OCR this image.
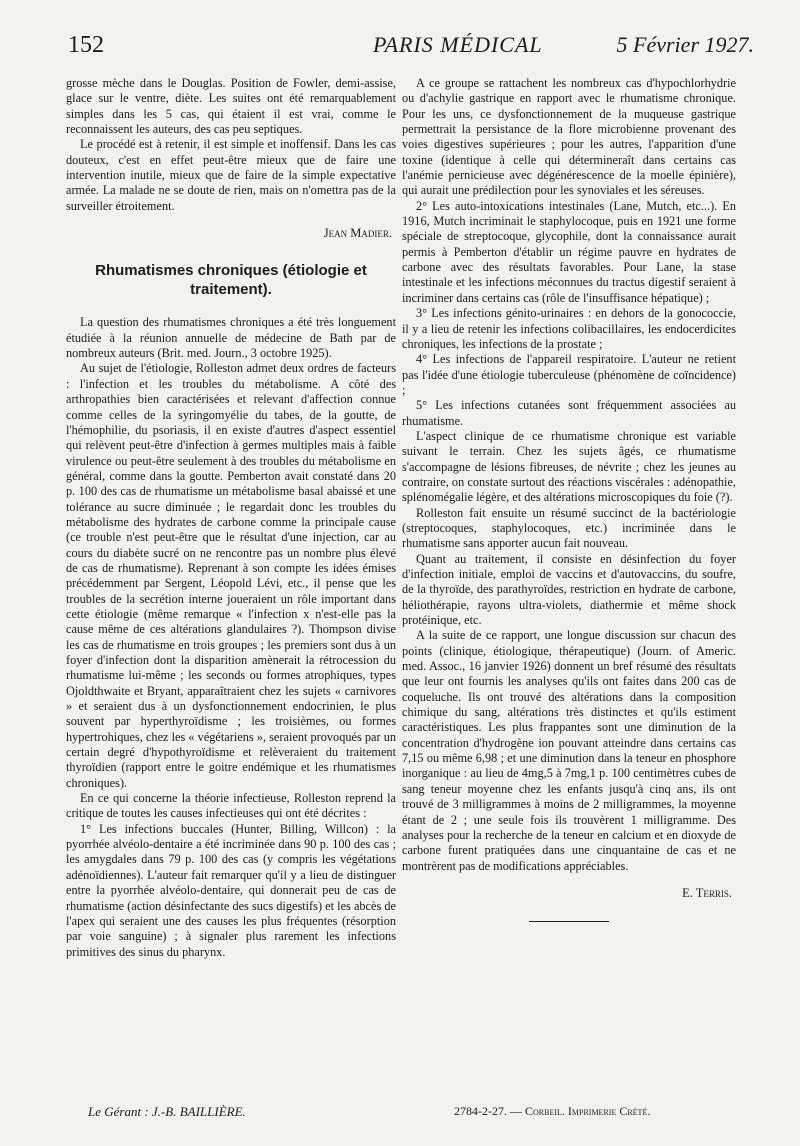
152	PARIS MÉDICAL	5 Février 1927.

grosse mèche dans le Douglas. Position de Fowler, demi-assise, glace sur le ventre, diète. Les suites ont été remarquablement simples dans les 5 cas, qui étaient il est vrai, comme le reconnaissent les auteurs, des cas peu septiques.

Le procédé est à retenir, il est simple et inoffensif. Dans les cas douteux, c'est en effet peut-être mieux que de faire une intervention inutile, mieux que de faire de la simple expectative armée. La malade ne se doute de rien, mais on n'omettra pas de la surveiller étroitement.

Jean Madier.
Rhumatismes chroniques (étiologie et traitement).

La question des rhumatismes chroniques a été très longuement étudiée à la réunion annuelle de médecine de Bath par de nombreux auteurs (Brit. med. Journ., 3 octobre 1925).

Au sujet de l'étiologie, Rolleston admet deux ordres de facteurs : l'infection et les troubles du métabolisme. A côté des arthropathies bien caractérisées et relevant d'affection connue comme celles de la syringomyélie du tabes, de la goutte, de l'hémophilie, du psoriasis, il en existe d'autres d'aspect essentiel qui relèvent peut-être d'infection à germes multiples mais à faible virulence ou peut-être seulement à des troubles du métabolisme en général, comme dans la goutte. Pemberton avait constaté dans 20 p. 100 des cas de rhumatisme un métabolisme basal abaissé et une tolérance au sucre diminuée ; le regardait donc les troubles du métabolisme des hydrates de carbone comme la principale cause (ce trouble n'est peut-être que le résultat d'une injection, car au cours du diabète sucré on ne rencontre pas un nombre plus élevé de cas de rhumatisme). Reprenant à son compte les idées émises précédemment par Sergent, Léopold Lévi, etc., il pense que les troubles de la secrétion interne joueraient un rôle important dans cette étiologie (même remarque « l'infection x n'est-elle pas la cause même de ces altérations glandulaires ?). Thompson divise les cas de rhumatisme en trois groupes ; les premiers sont dus à un foyer d'infection dont la disparition amènerait la rétrocession du rhumatisme lui-même ; les seconds ou formes atrophiques, types Ojoldthwaite et Bryant, apparaîtraient chez les sujets « carnivores » et seraient dus à un dysfonctionnement endocrinien, le plus souvent par hyperthyroïdisme ; les troisièmes, ou formes hypertrohiques, chez les « végétariens », seraient provoqués par un certain degré d'hypothyroïdisme et relèveraient du traitement thyroïdien (rapport entre le goitre endémique et les rhumatismes chroniques).

En ce qui concerne la théorie infectieuse, Rolleston reprend la critique de toutes les causes infectieuses qui ont été décrites :

1° Les infections buccales (Hunter, Billing, Willcon) : la pyorrhée alvéolo-dentaire a été incriminée dans 90 p. 100 des cas ; les amygdales dans 79 p. 100 des cas (y compris les végétations adénoïdiennes). L'auteur fait remarquer qu'il y a lieu de distinguer entre la pyorrhée alvéolo-dentaire, qui donnerait peu de cas de rhumatisme (action désinfectante des sucs digestifs) et les abcès de l'apex qui seraient une des causes les plus fréquentes (résorption par voie sanguine) ; à signaler plus rarement les infections primitives des sinus du pharynx.

A ce groupe se rattachent les nombreux cas d'hypochlorhydrie ou d'achylie gastrique en rapport avec le rhumatisme chronique. Pour les uns, ce dysfonctionnement de la muqueuse gastrique permettrait la persistance de la flore microbienne provenant des voies digestives supérieures ; pour les autres, l'apparition d'une toxine (identique à celle qui détermineraît dans certains cas l'anémie pernicieuse avec dégénérescence de la moelle épinière), qui aurait une prédilection pour les synoviales et les séreuses.

2° Les auto-intoxications intestinales (Lane, Mutch, etc...). En 1916, Mutch incriminait le staphylocoque, puis en 1921 une forme spéciale de streptocoque, glycophile, dont la connaissance aurait permis à Pemberton d'établir un régime pauvre en hydrates de carbone avec des résultats favorables. Pour Lane, la stase intestinale et les infections méconnues du tractus digestif seraient à incriminer dans certains cas (rôle de l'insuffisance hépatique) ;

3° Les infections génito-urinaires : en dehors de la gonococcie, il y a lieu de retenir les infections colibacillaires, les endocerdicites chroniques, les infections de la prostate ;

4° Les infections de l'appareil respiratoire. L'auteur ne retient pas l'idée d'une étiologie tuberculeuse (phénomène de coïncidence) ;

5° Les infections cutanées sont fréquemment associées au rhumatisme.

L'aspect clinique de ce rhumatisme chronique est variable suivant le terrain. Chez les sujets âgés, ce rhumatisme s'accompagne de lésions fibreuses, de névrite ; chez les jeunes au contraire, on constate surtout des réactions viscérales : adénopathie, splénomégalie légère, et des altérations microscopiques du foie (?).

Rolleston fait ensuite un résumé succinct de la bactériologie (streptocoques, staphylocoques, etc.) incriminée dans le rhumatisme sans apporter aucun fait nouveau.

Quant au traitement, il consiste en désinfection du foyer d'infection initiale, emploi de vaccins et d'autovaccins, du soufre, de la thyroïde, des parathyroïdes, restriction en hydrate de carbone, héliothérapie, rayons ultra-violets, diathermie et même shock protéinique, etc.

A la suite de ce rapport, une longue discussion sur chacun des points (clinique, étiologique, thérapeutique) (Journ. of Americ. med. Assoc., 16 janvier 1926) donnent un bref résumé des résultats que leur ont fournis les analyses qu'ils ont faites dans 200 cas de coqueluche. Ils ont trouvé des altérations dans la composition chimique du sang, altérations très distinctes et qu'ils estiment caractéristiques. Les plus frappantes sont une diminution de la concentration d'hydrogène ion pouvant atteindre dans certains cas 7,15 ou même 6,98 ; et une diminution dans la teneur en phosphore inorganique : au lieu de 4mg,5 à 7mg,1 p. 100 centimètres cubes de sang teneur moyenne chez les enfants jusqu'à cinq ans, ils ont trouvé de 3 milligrammes à moins de 2 milligrammes, la moyenne étant de 2 ; une seule fois ils trouvèrent 1 milligramme. Des analyses pour la recherche de la teneur en calcium et en dioxyde de carbone furent pratiquées dans une cinquantaine de cas et ne montrèrent pas de modifications appréciables.

E. Terris.
Le Gérant : J.-B. BAILLIÈRE.	2784-2-27. — Corbeil. Imprimerie Crété.
